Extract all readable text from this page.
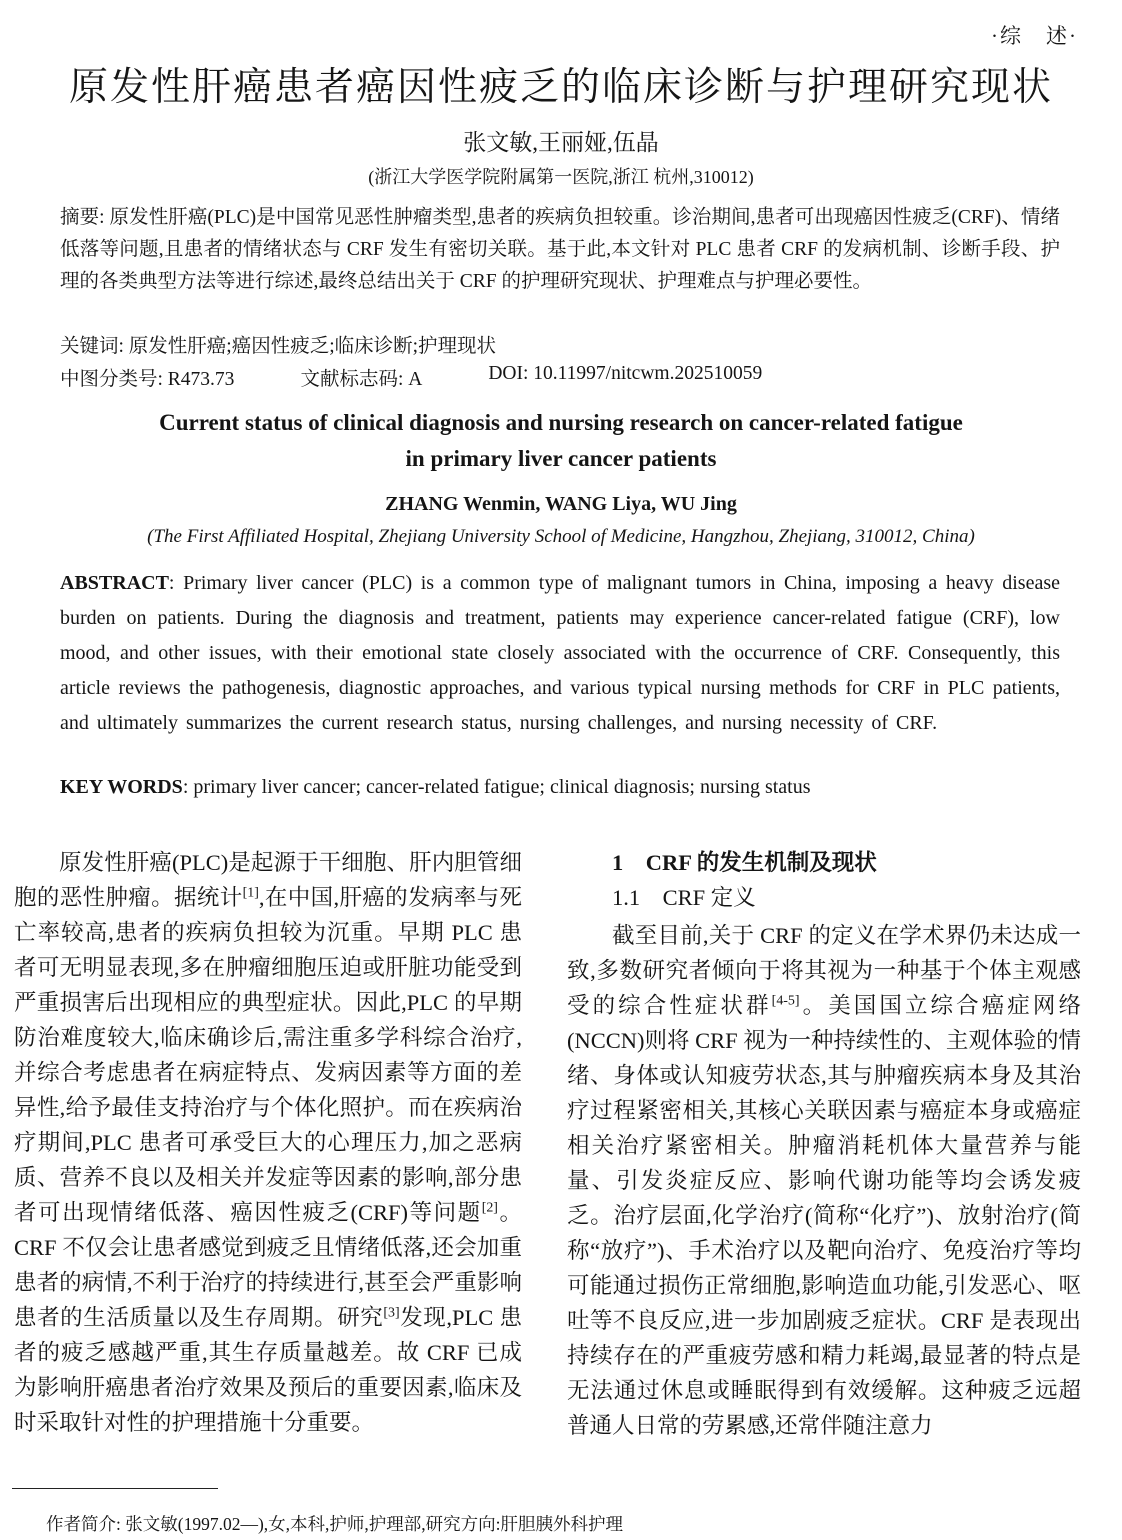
·综　述·
原发性肝癌患者癌因性疲乏的临床诊断与护理研究现状
张文敏,王丽娅,伍晶
(浙江大学医学院附属第一医院,浙江 杭州,310012)

摘要: 原发性肝癌(PLC)是中国常见恶性肿瘤类型,患者的疾病负担较重。诊治期间,患者可出现癌因性疲乏(CRF)、情绪低落等问题,且患者的情绪状态与 CRF 发生有密切关联。基于此,本文针对 PLC 患者 CRF 的发病机制、诊断手段、护理的各类典型方法等进行综述,最终总结出关于 CRF 的护理研究现状、护理难点与护理必要性。

关键词: 原发性肝癌;癌因性疲乏;临床诊断;护理现状

中图分类号: R473.73	文献标志码: A	DOI: 10.11997/nitcwm.202510059
Current status of clinical diagnosis and nursing research on cancer-related fatigue
in primary liver cancer patients
ZHANG Wenmin, WANG Liya, WU Jing
(The First Affiliated Hospital, Zhejiang University School of Medicine, Hangzhou, Zhejiang, 310012, China)

ABSTRACT: Primary liver cancer (PLC) is a common type of malignant tumors in China, imposing a heavy disease burden on patients. During the diagnosis and treatment, patients may experience cancer-related fatigue (CRF), low mood, and other issues, with their emotional state closely associated with the occurrence of CRF. Consequently, this article reviews the pathogenesis, diagnostic approaches, and various typical nursing methods for CRF in PLC patients, and ultimately summarizes the current research status, nursing challenges, and nursing necessity of CRF.

KEY WORDS: primary liver cancer; cancer-related fatigue; clinical diagnosis; nursing status

原发性肝癌(PLC)是起源于干细胞、肝内胆管细胞的恶性肿瘤。据统计[1],在中国,肝癌的发病率与死亡率较高,患者的疾病负担较为沉重。早期 PLC 患者可无明显表现,多在肿瘤细胞压迫或肝脏功能受到严重损害后出现相应的典型症状。因此,PLC 的早期防治难度较大,临床确诊后,需注重多学科综合治疗,并综合考虑患者在病症特点、发病因素等方面的差异性,给予最佳支持治疗与个体化照护。而在疾病治疗期间,PLC 患者可承受巨大的心理压力,加之恶病质、营养不良以及相关并发症等因素的影响,部分患者可出现情绪低落、癌因性疲乏(CRF)等问题[2]。CRF 不仅会让患者感觉到疲乏且情绪低落,还会加重患者的病情,不利于治疗的持续进行,甚至会严重影响患者的生活质量以及生存周期。研究[3]发现,PLC 患者的疲乏感越严重,其生存质量越差。故 CRF 已成为影响肝癌患者治疗效果及预后的重要因素,临床及时采取针对性的护理措施十分重要。

1　CRF 的发生机制及现状

1.1　CRF 定义

截至目前,关于 CRF 的定义在学术界仍未达成一致,多数研究者倾向于将其视为一种基于个体主观感受的综合性症状群[4-5]。美国国立综合癌症网络(NCCN)则将 CRF 视为一种持续性的、主观体验的情绪、身体或认知疲劳状态,其与肿瘤疾病本身及其治疗过程紧密相关,其核心关联因素与癌症本身或癌症相关治疗紧密相关。肿瘤消耗机体大量营养与能量、引发炎症反应、影响代谢功能等均会诱发疲乏。治疗层面,化学治疗(简称“化疗”)、放射治疗(简称“放疗”)、手术治疗以及靶向治疗、免疫治疗等均可能通过损伤正常细胞,影响造血功能,引发恶心、呕吐等不良反应,进一步加剧疲乏症状。CRF 是表现出持续存在的严重疲劳感和精力耗竭,最显著的特点是无法通过休息或睡眠得到有效缓解。这种疲乏远超普通人日常的劳累感,还常伴随注意力

作者简介: 张文敏(1997.02—),女,本科,护师,护理部,研究方向:肝胆胰外科护理
